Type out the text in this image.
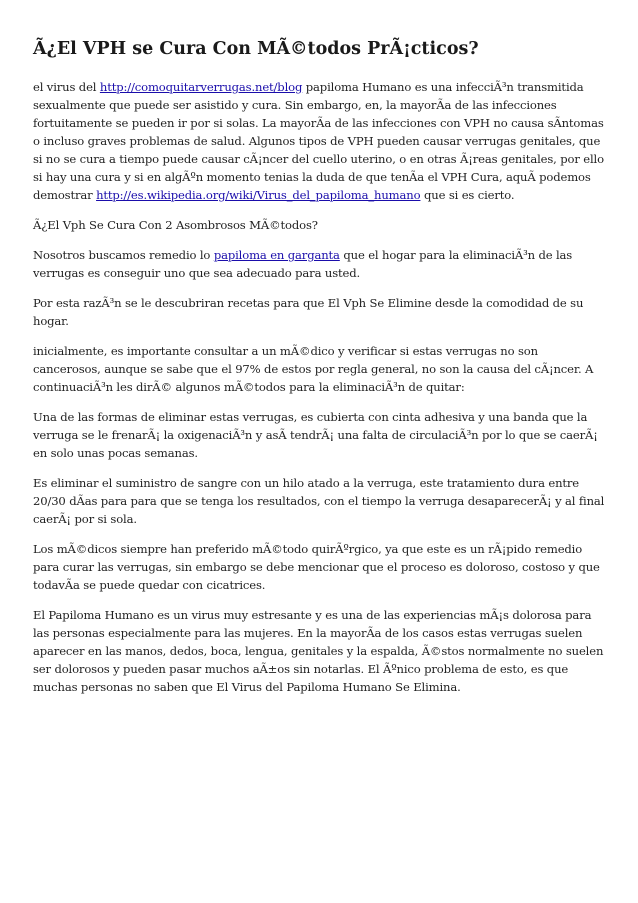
Ã¿El VPH se Cura Con MÃ©todos PrÃ¡cticos?

el virus del http://comoquitarverrugas.net/blog papiloma Humano es una infecciÃ³n transmitida sexualmente que puede ser asistido y cura. Sin embargo, en, la mayorÃa de las infecciones fortuitamente se pueden ir por si solas. La mayorÃa de las infecciones con VPH no causa sÃntomas o incluso graves problemas de salud. Algunos tipos de VPH pueden causar verrugas genitales, que si no se cura a tiempo puede causar cÃ¡ncer del cuello uterino, o en otras Ã¡reas genitales, por ello si hay una cura y si en algÃºn momento tenias la duda de que tenÃa el VPH Cura, aquÃ podemos demostrar http://es.wikipedia.org/wiki/Virus_del_papiloma_humano que si es cierto.

Ã¿El Vph Se Cura Con 2 Asombrosos MÃ©todos?

Nosotros buscamos remedio lo papiloma en garganta que el hogar para la eliminaciÃ³n de las verrugas es conseguir uno que sea adecuado para usted.

Por esta razÃ³n se le descubriran recetas para que El Vph Se Elimine desde la comodidad de su hogar.

inicialmente, es importante consultar a un mÃ©dico y verificar si estas verrugas no son cancerosos, aunque se sabe que el 97% de estos por regla general, no son la causa del cÃ¡ncer. A continuaciÃ³n les dirÃ© algunos mÃ©todos para la eliminaciÃ³n de quitar:

Una de las formas de eliminar estas verrugas, es cubierta con cinta adhesiva y una banda que la verruga se le frenarÃ¡ la oxigenaciÃ³n y asÃ tendrÃ¡ una falta de circulaciÃ³n por lo que se caerÃ¡ en solo unas pocas semanas.

Es eliminar el suministro de sangre con un hilo atado a la verruga, este tratamiento dura entre 20/30 dÃas para para que se tenga los resultados, con el tiempo la verruga desaparecerÃ¡ y al final caerÃ¡ por si sola.

Los mÃ©dicos siempre han preferido mÃ©todo quirÃºrgico, ya que este es un rÃ¡pido remedio para curar las verrugas, sin embargo se debe mencionar que el proceso es doloroso, costoso y que todavÃa se puede quedar con cicatrices.

El Papiloma Humano es un virus muy estresante y es una de las experiencias mÃ¡s dolorosa para las personas especialmente para las mujeres. En la mayorÃa de los casos estas verrugas suelen aparecer en las manos, dedos, boca, lengua, genitales y la espalda, Ã©stos normalmente no suelen ser dolorosos y pueden pasar muchos aÃ±os sin notarlas. El Ãºnico problema de esto, es que muchas personas no saben que El Virus del Papiloma Humano Se Elimina.
